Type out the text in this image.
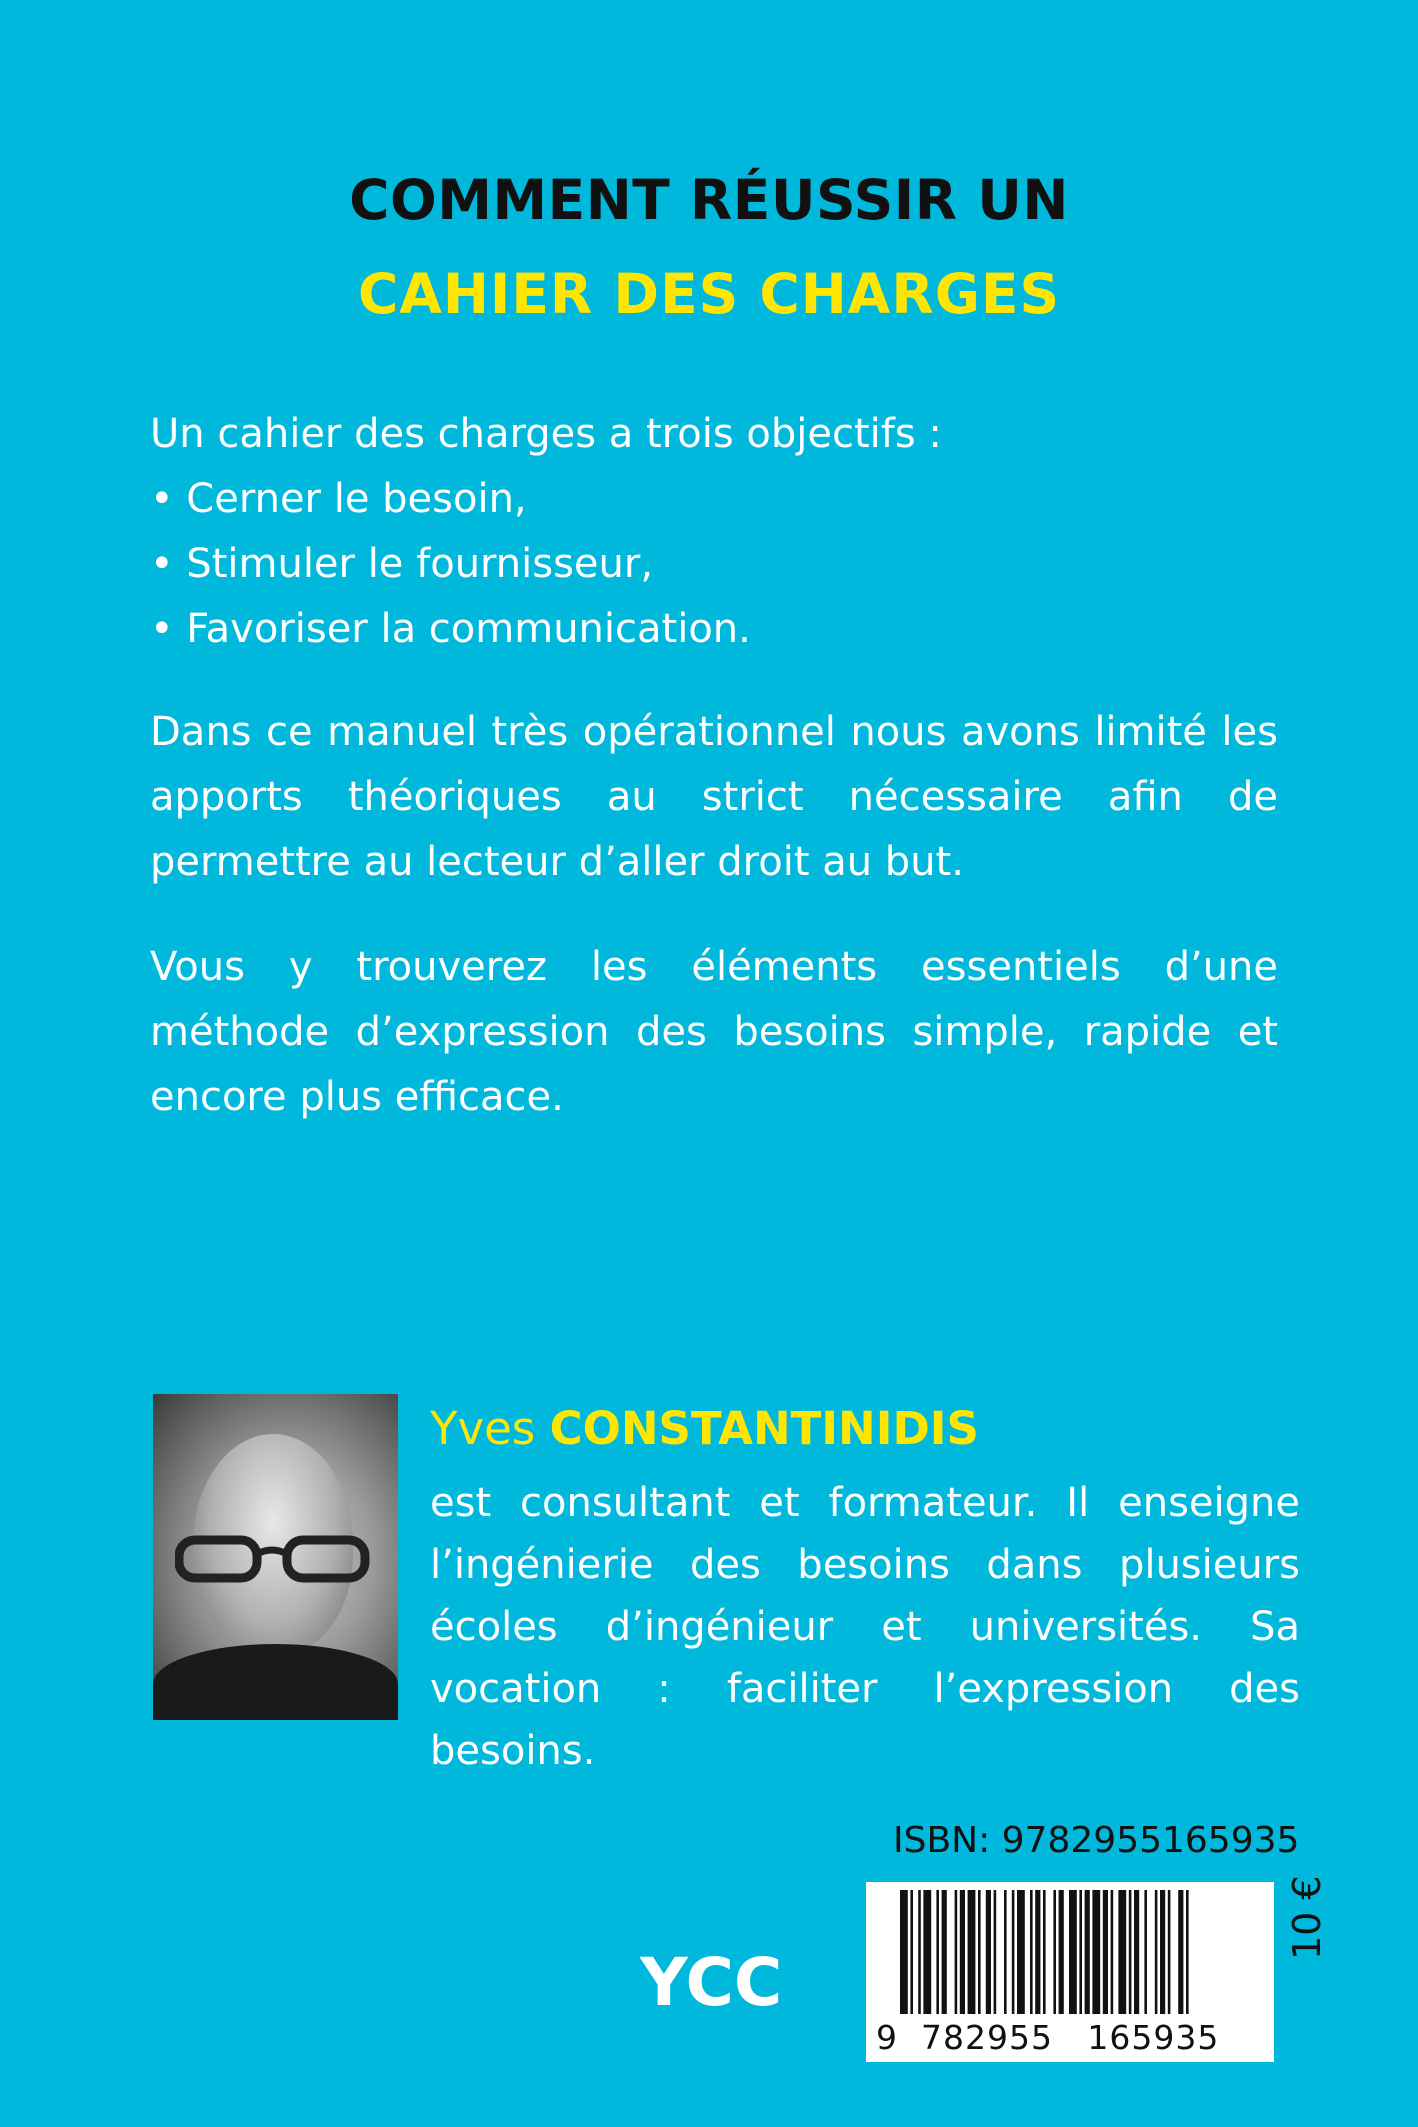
COMMENT RÉUSSIR UN
CAHIER DES CHARGES
Un cahier des charges a trois objectifs :
• Cerner le besoin,
• Stimuler le fournisseur,
• Favoriser la communication.
Dans ce manuel très opérationnel nous avons limité les apports théoriques au strict nécessaire afin de permettre au lecteur d’aller droit au but.
Vous y trouverez les éléments essentiels d’une méthode d’expression des besoins simple, rapide et encore plus efficace.
Yves CONSTANTINIDIS
est consultant et formateur. Il enseigne l’ingénierie des besoins dans plusieurs écoles d’ingénieur et universités. Sa vocation : faciliter l’expression des besoins.
ISBN: 9782955165935
9  782955   165935
YCC
10 €
